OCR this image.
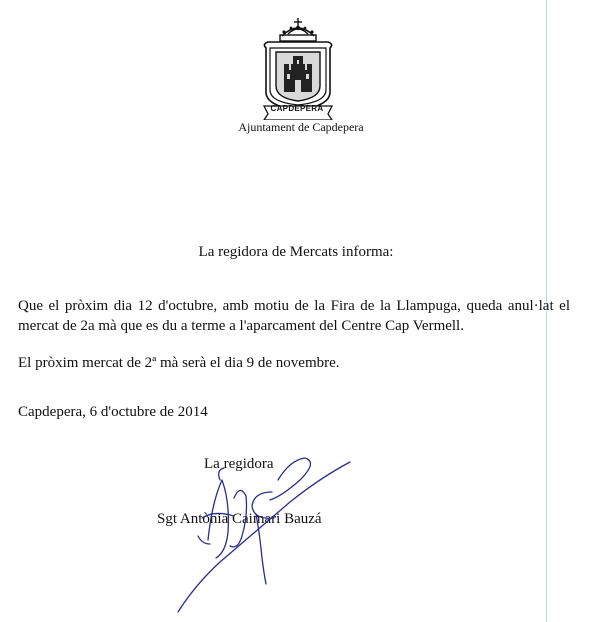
CAPDEPERA
Ajuntament de Capdepera
La regidora de Mercats informa:
Que el pròxim dia 12 d'octubre, amb motiu de la Fira de la Llampuga, queda anul·lat el mercat de 2a mà que es du a terme a l'aparcament del Centre Cap Vermell.
El pròxim mercat de 2ª mà serà el dia 9 de novembre.
Capdepera, 6 d'octubre de 2014
La regidora
Sgt Antònia Caimari Bauzá
